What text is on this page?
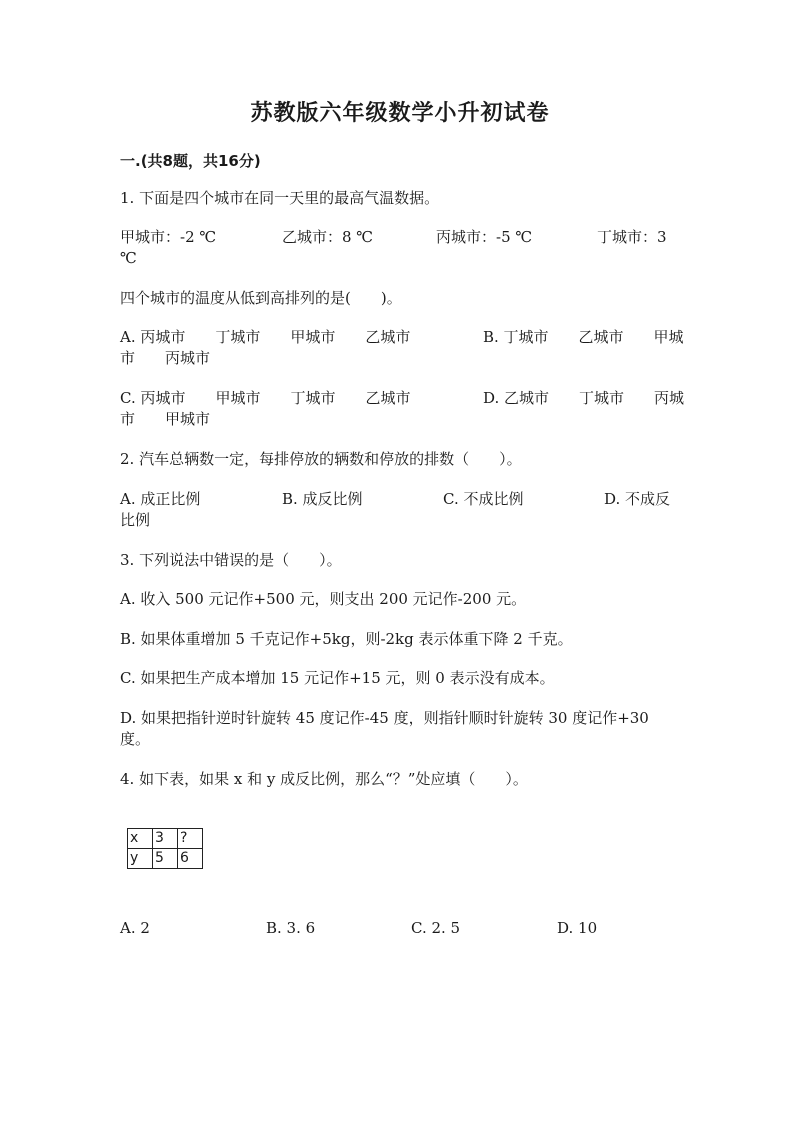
苏教版六年级数学小升初试卷
一.(共8题，共16分)
1. 下面是四个城市在同一天里的最高气温数据。
甲城市：-2 ℃	乙城市：8 ℃	丙城市：-5 ℃	丁城市：3
℃
四个城市的温度从低到高排列的是(　　)。
A. 丙城市　　丁城市　　甲城市　　乙城市	B. 丁城市　　乙城市　　甲城
市　　丙城市
C. 丙城市　　甲城市　　丁城市　　乙城市	D. 乙城市　　丁城市　　丙城
市　　甲城市
2. 汽车总辆数一定，每排停放的辆数和停放的排数（　　）。
A. 成正比例	B. 成反比例	C. 不成比例	D. 不成反
比例
3. 下列说法中错误的是（　　）。
A. 收入 500 元记作+500 元，则支出 200 元记作-200 元。
B. 如果体重增加 5 千克记作+5kg，则-2kg 表示体重下降 2 千克。
C. 如果把生产成本增加 15 元记作+15 元，则 0 表示没有成本。
D. 如果把指针逆时针旋转 45 度记作-45 度，则指针顺时针旋转 30 度记作+30
度。
4. 如下表，如果 x 和 y 成反比例，那么“？”处应填（　　）。
x	3	?
y	5	6
A. 2	B. 3. 6	C. 2. 5	D. 10
